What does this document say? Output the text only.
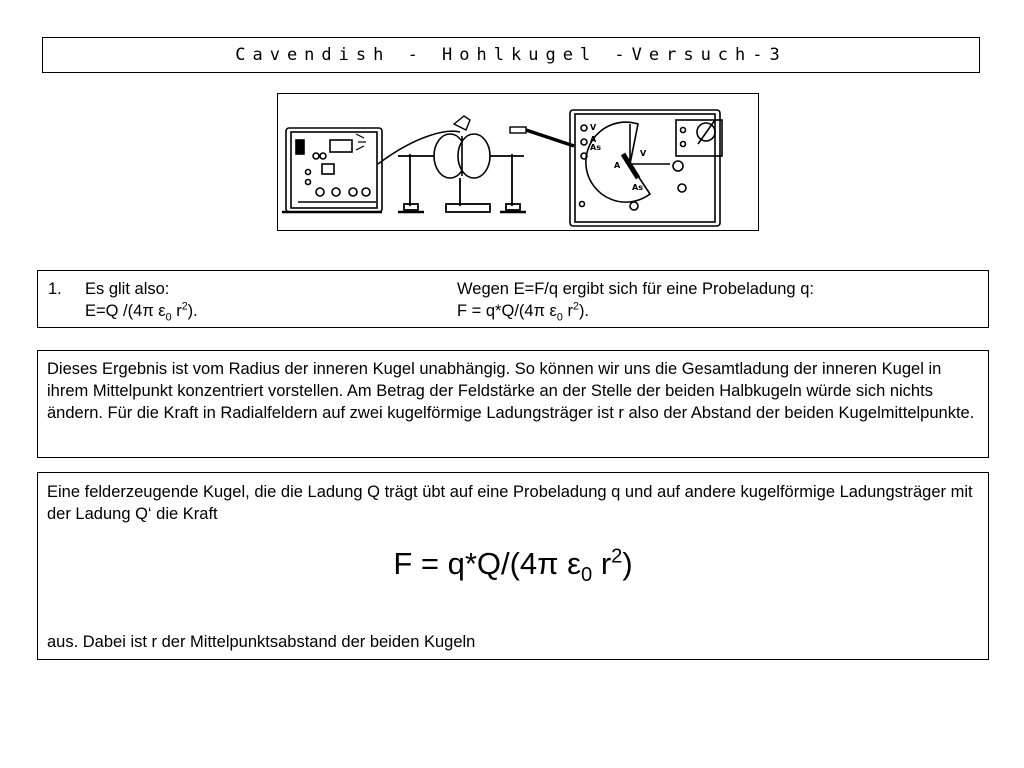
Cavendish - Hohlkugel -Versuch-3
V
A
As
V
A
As
1. Es glit also:
E=Q /(4π $\varepsilon_0$ $r^2$).
Wegen E=F/q ergibt sich für eine Probeladung q:
F = q*Q/(4π $\varepsilon_0$ $r^2$).
Dieses Ergebnis ist vom Radius der inneren Kugel unabhängig. So können wir uns die Gesamtladung der inneren Kugel in ihrem Mittelpunkt konzentriert vorstellen. Am Betrag der Feldstärke an der Stelle der beiden Halbkugeln würde sich nichts ändern. Für die Kraft in Radialfeldern auf zwei kugelförmige Ladungsträger ist r also der Abstand der beiden Kugelmittelpunkte.
Eine felderzeugende Kugel, die die Ladung Q trägt übt auf eine Probeladung q und auf andere kugelförmige Ladungsträger mit der Ladung Q‘ die Kraft
F = q*Q/(4π $\varepsilon_0$ $r^2$)
aus. Dabei ist r der Mittelpunktsabstand der beiden Kugeln
